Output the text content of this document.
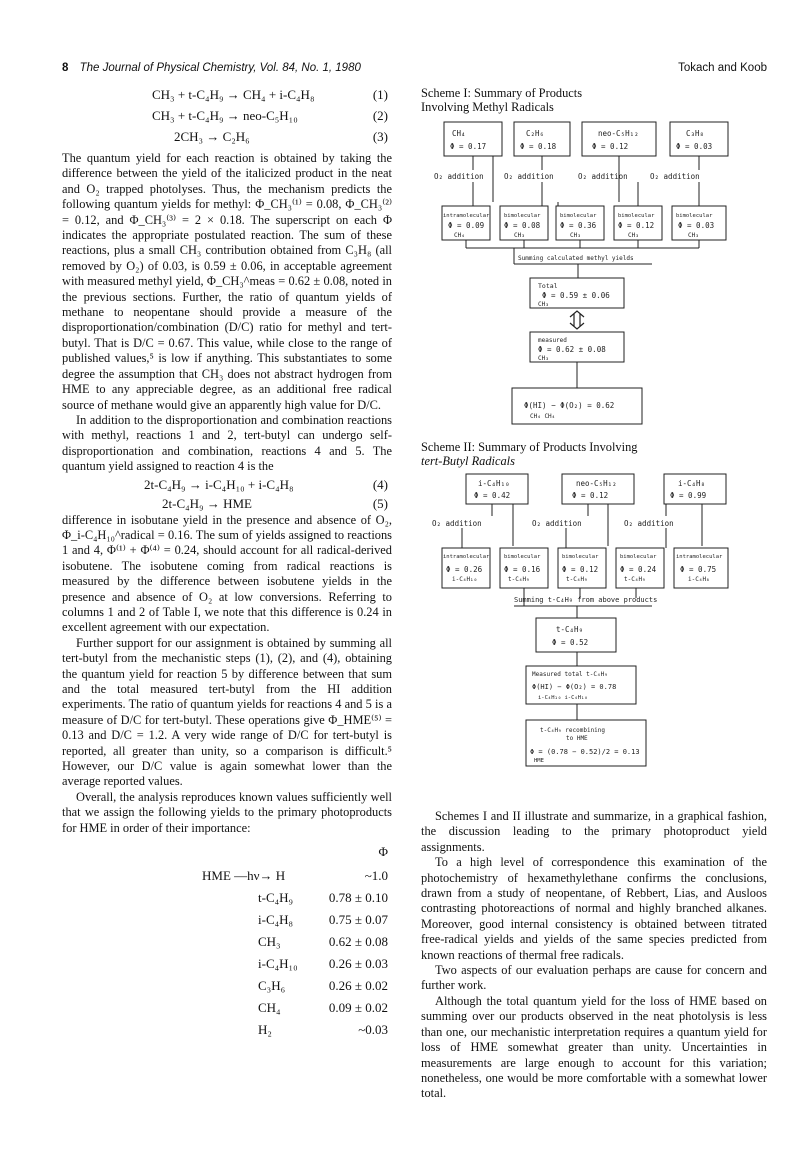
8 The Journal of Physical Chemistry, Vol. 84, No. 1, 1980	Tokach and Koob
CH₃ + t-C₄H₉ → CH₄ + i-C₄H₈	(1)
CH₃ + t-C₄H₉ → neo-C₅H₁₀	(2)
2CH₃ → C₂H₆	(3)

The quantum yield for each reaction is obtained by taking the difference between the yield of the italicized product in the neat and O₂ trapped photolyses. Thus, the mechanism predicts the following quantum yields for methyl: Φ_CH₃⁽¹⁾ = 0.08, Φ_CH₃⁽²⁾ = 0.12, and Φ_CH₃⁽³⁾ = 2 × 0.18. The superscript on each Φ indicates the appropriate postulated reaction. The sum of these reactions, plus a small CH₃ contribution obtained from C₃H₈ (all removed by O₂) of 0.03, is 0.59 ± 0.06, in acceptable agreement with measured methyl yield, Φ_CH₃^meas = 0.62 ± 0.08, noted in the previous sections. Further, the ratio of quantum yields of methane to neopentane should provide a measure of the disproportionation/combination (D/C) ratio for methyl and tert-butyl. That is D/C = 0.67. This value, while close to the range of published values,⁵ is low if anything. This substantiates to some degree the assumption that CH₃ does not abstract hydrogen from HME to any appreciable degree, as an additional free radical source of methane would give an apparently high value for D/C.

In addition to the disproportionation and combination reactions with methyl, reactions 1 and 2, tert-butyl can undergo self-disproportionation and combination, reactions 4 and 5. The quantum yield assigned to reaction 4 is the

2t-C₄H₉ → i-C₄H₁₀ + i-C₄H₈	(4)
2t-C₄H₉ → HME	(5)

difference in isobutane yield in the presence and absence of O₂, Φ_i-C₄H₁₀^radical = 0.16. The sum of yields assigned to reactions 1 and 4, Φ⁽¹⁾ + Φ⁽⁴⁾ = 0.24, should account for all radical-derived isobutene. The isobutene coming from radical reactions is measured by the difference between isobutene yields in the presence and absence of O₂ at low conversions. Referring to columns 1 and 2 of Table I, we note that this difference is 0.24 in excellent agreement with our expectation.

Further support for our assignment is obtained by summing all tert-butyl from the mechanistic steps (1), (2), and (4), obtaining the quantum yield for reaction 5 by difference between that sum and the total measured tert-butyl from the HI addition experiments. The ratio of quantum yields for reactions 4 and 5 is a measure of D/C for tert-butyl. These operations give Φ_HME⁽⁵⁾ = 0.13 and D/C = 1.2. A very wide range of D/C for tert-butyl is reported, all greater than unity, so a comparison is difficult.⁵ However, our D/C value is again somewhat lower than the average reported values.

Overall, the analysis reproduces known values sufficiently well that we assign the following yields to the primary photoproducts for HME in order of their importance:

Φ
HME —hν→ H	~1.0
t-C₄H₉	0.78 ± 0.10
i-C₄H₈	0.75 ± 0.07
CH₃	0.62 ± 0.08
i-C₄H₁₀ 0.26 ± 0.03
C₃H₆	0.26 ± 0.02
CH₄	0.09 ± 0.02
H₂	~0.03
Scheme I: Summary of Products
Involving Methyl Radicals
CH₄
Φ = 0.17
C₂H₆
Φ = 0.18
neo-C₅H₁₂
Φ = 0.12
C₃H₈
Φ = 0.03
O₂ addition	O₂ addition	O₂ addition	O₂ addition
intramolecular
Φ = 0.09
CH₄
bimolecular
Φ = 0.08
CH₃
bimolecular
Φ = 0.36
CH₃
bimolecular
Φ = 0.12
CH₃
bimolecular
Φ = 0.03
CH₃
Summing calculated methyl yields
Total
Φ = 0.59 ± 0.06
CH₃
measured
Φ = 0.62 ± 0.08
CH₃
Φ(HI) − Φ(O₂) = 0.62
CH₄ CH₄
Scheme II: Summary of Products Involving
tert-Butyl Radicals
i-C₄H₁₀
Φ = 0.42
neo-C₅H₁₂
Φ = 0.12
i-C₄H₈
Φ = 0.99
O₂ addition	O₂ addition	O₂ addition
intramolecular
Φ = 0.26
i-C₄H₁₀
bimolecular
Φ = 0.16
t-C₄H₉
bimolecular
Φ = 0.12
t-C₄H₉
bimolecular
Φ = 0.24
t-C₄H₉
intramolecular
Φ = 0.75
i-C₄H₈
Summing t-C₄H₉ from above products
t-C₄H₉
Φ = 0.52
Measured total t-C₄H₉
Φ(HI) − Φ(O₂) = 0.78
i-C₄H₁₀ i-C₄H₁₀
t-C₄H₉ recombining
to HME
Φ = (0.78 − 0.52)/2 = 0.13
HME

Schemes I and II illustrate and summarize, in a graphical fashion, the discussion leading to the primary photoproduct yield assignments.

To a high level of correspondence this examination of the photochemistry of hexamethylethane confirms the conclusions, drawn from a study of neopentane, of Rebbert, Lias, and Ausloos contrasting photoreactions of normal and highly branched alkanes. Moreover, good internal consistency is obtained between titrated free-radical yields and yields of the same species predicted from known reactions of thermal free radicals.

Two aspects of our evaluation perhaps are cause for concern and further work.

Although the total quantum yield for the loss of HME based on summing over our products observed in the neat photolysis is less than one, our mechanistic interpretation requires a quantum yield for loss of HME somewhat greater than unity. Uncertainties in measurements are large enough to account for this variation; nonetheless, one would be more comfortable with a somewhat lower total.
